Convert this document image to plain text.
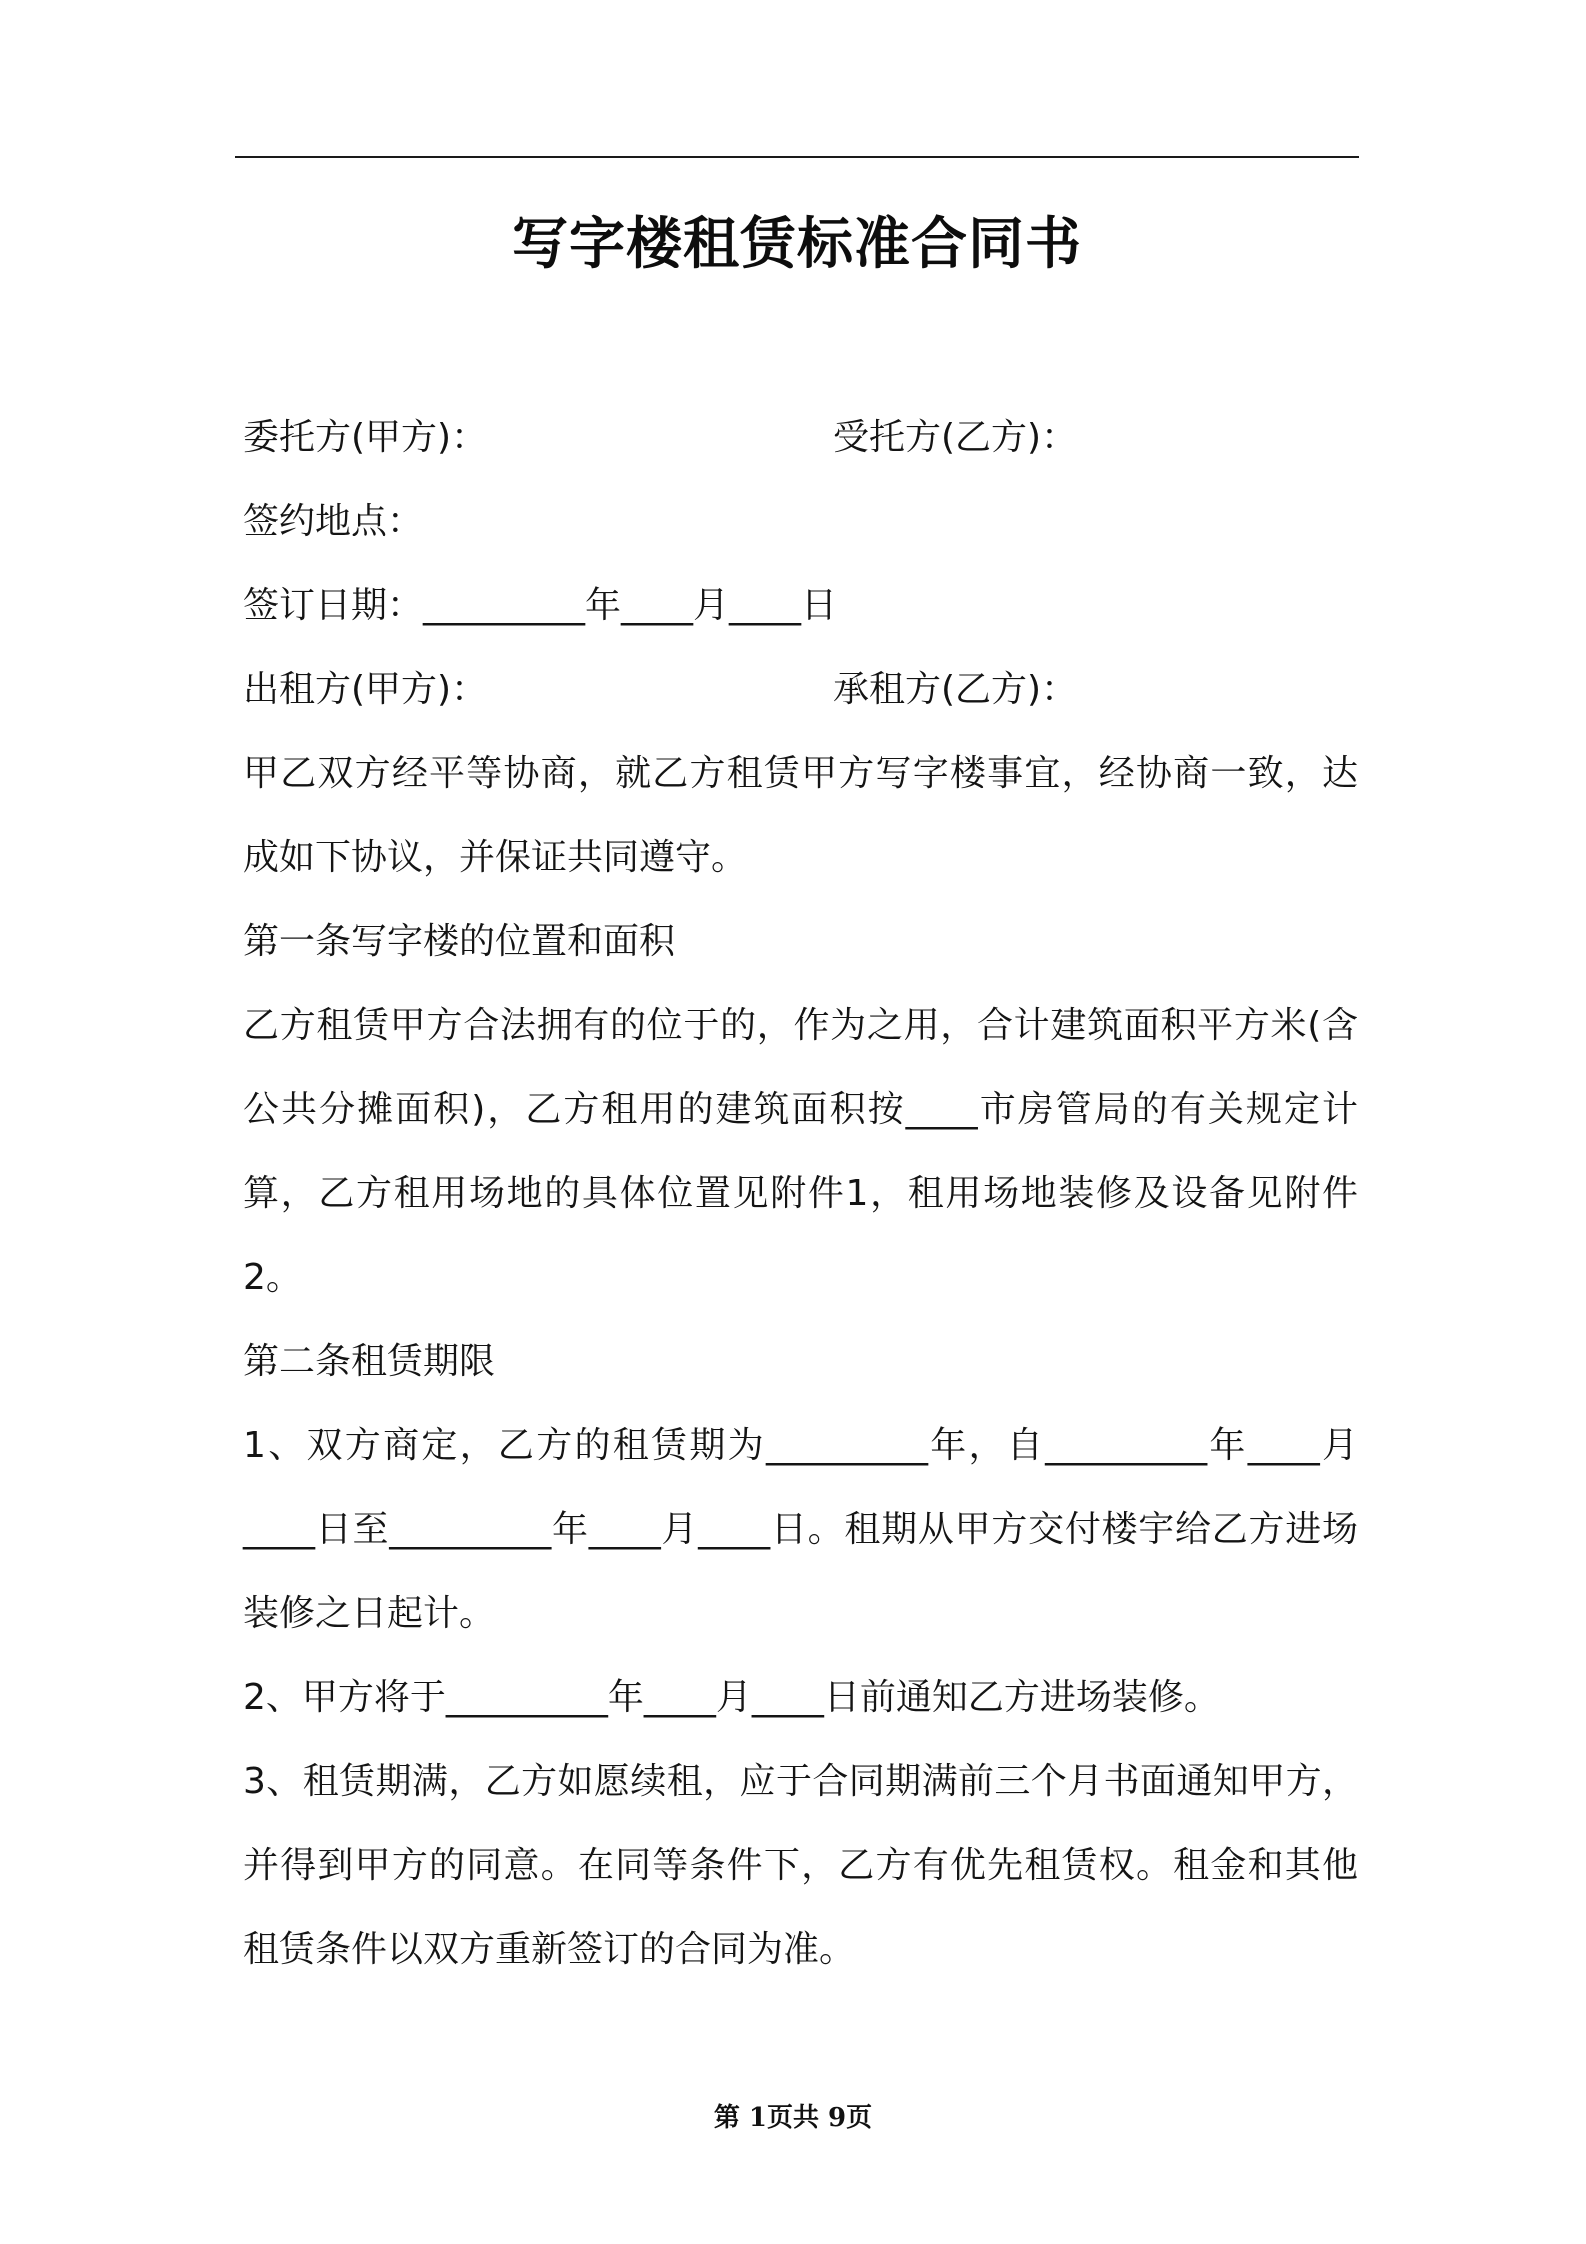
写字楼租赁标准合同书
委托方(甲方)：	受托方(乙方)：
签约地点：
签订日期：_________年____月____日
出租方(甲方)：	承租方(乙方)：
甲乙双方经平等协商，就乙方租赁甲方写字楼事宜，经协商一致，达成如下协议，并保证共同遵守。
第一条写字楼的位置和面积
乙方租赁甲方合法拥有的位于的，作为之用，合计建筑面积平方米(含公共分摊面积)，乙方租用的建筑面积按____市房管局的有关规定计算，乙方租用场地的具体位置见附件1，租用场地装修及设备见附件2。
第二条租赁期限
1、双方商定，乙方的租赁期为_________年，自_________年____月____日至_________年____月____日。租期从甲方交付楼宇给乙方进场装修之日起计。
2、甲方将于_________年____月____日前通知乙方进场装修。
3、租赁期满，乙方如愿续租，应于合同期满前三个月书面通知甲方，并得到甲方的同意。在同等条件下，乙方有优先租赁权。租金和其他租赁条件以双方重新签订的合同为准。
第 1页共 9页
